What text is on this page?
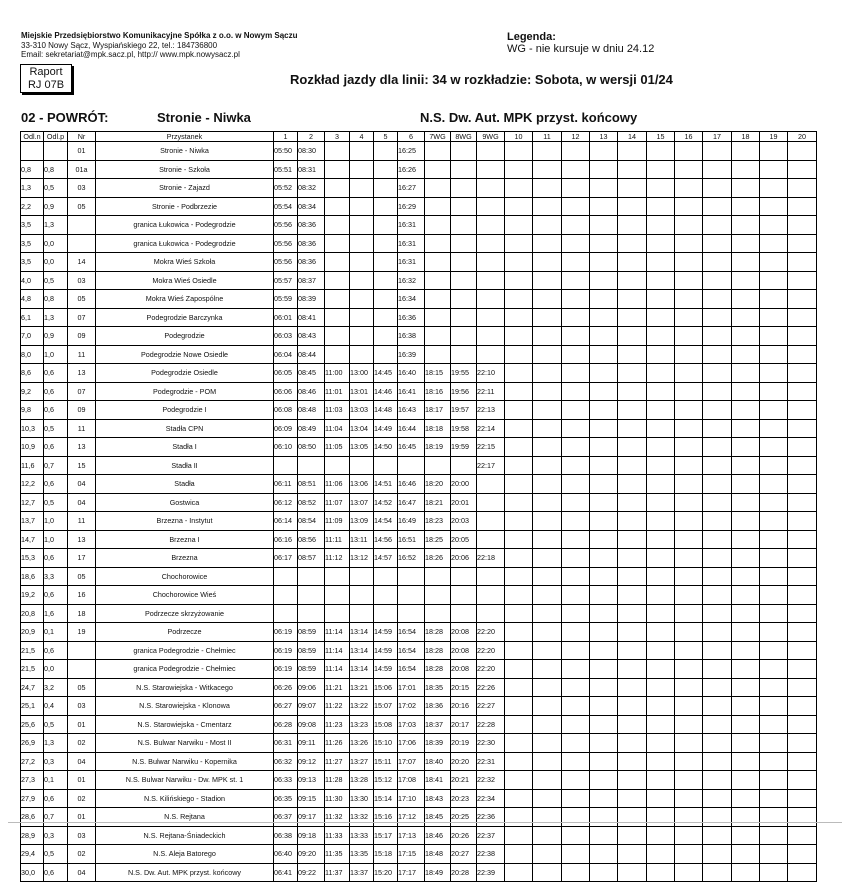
Miejskie Przedsiębiorstwo Komunikacyjne Spółka z o.o. w Nowym Sączu
33-310 Nowy Sącz, Wyspiańskiego 22, tel.: 184736800
Email: sekretariat@mpk.sacz.pl, http:// www.mpk.nowysacz.pl
Legenda:
WG - nie kursuje w dniu 24.12
Raport
RJ 07B	Rozkład jazdy dla linii: 34 w rozkładzie: Sobota, w wersji 01/24
02 - POWRÓT:	Stronie - Niwka	N.S. Dw. Aut. MPK przyst. końcowy
Odl.n	Odl.p	Nr	Przystanek	1	2	3	4	5	6	7WG	8WG	9WG	10	11	12	13	14	15	16	17	18	19	20
		01	Stronie - Niwka	05:50	08:30				16:25														
0,8	0,8	01a	Stronie - Szkoła	05:51	08:31				16:26														
1,3	0,5	03	Stronie - Zajazd	05:52	08:32				16:27														
2,2	0,9	05	Stronie - Podbrzezie	05:54	08:34				16:29														
3,5	1,3		granica Łukowica - Podegrodzie	05:56	08:36				16:31														
3,5	0,0		granica Łukowica - Podegrodzie	05:56	08:36				16:31														
3,5	0,0	14	Mokra Wieś Szkoła	05:56	08:36				16:31														
4,0	0,5	03	Mokra Wieś Osiedle	05:57	08:37				16:32														
4,8	0,8	05	Mokra Wieś Zapospólne	05:59	08:39				16:34														
6,1	1,3	07	Podegrodzie Barczynka	06:01	08:41				16:36														
7,0	0,9	09	Podegrodzie	06:03	08:43				16:38														
8,0	1,0	11	Podegrodzie Nowe Osiedle	06:04	08:44				16:39														
8,6	0,6	13	Podegrodzie Osiedle	06:05	08:45	11:00	13:00	14:45	16:40	18:15	19:55	22:10											
9,2	0,6	07	Podegrodzie - POM	06:06	08:46	11:01	13:01	14:46	16:41	18:16	19:56	22:11											
9,8	0,6	09	Podegrodzie I	06:08	08:48	11:03	13:03	14:48	16:43	18:17	19:57	22:13											
10,3	0,5	11	Stadła CPN	06:09	08:49	11:04	13:04	14:49	16:44	18:18	19:58	22:14											
10,9	0,6	13	Stadła I	06:10	08:50	11:05	13:05	14:50	16:45	18:19	19:59	22:15											
11,6	0,7	15	Stadła II									22:17											
12,2	0,6	04	Stadła	06:11	08:51	11:06	13:06	14:51	16:46	18:20	20:00												
12,7	0,5	04	Gostwica	06:12	08:52	11:07	13:07	14:52	16:47	18:21	20:01												
13,7	1,0	11	Brzezna - Instytut	06:14	08:54	11:09	13:09	14:54	16:49	18:23	20:03												
14,7	1,0	13	Brzezna I	06:16	08:56	11:11	13:11	14:56	16:51	18:25	20:05												
15,3	0,6	17	Brzezna	06:17	08:57	11:12	13:12	14:57	16:52	18:26	20:06	22:18											
18,6	3,3	05	Chochorowice																				
19,2	0,6	16	Chochorowice Wieś																				
20,8	1,6	18	Podrzecze skrzyżowanie																				
20,9	0,1	19	Podrzecze	06:19	08:59	11:14	13:14	14:59	16:54	18:28	20:08	22:20											
21,5	0,6		granica Podegrodzie - Chełmiec	06:19	08:59	11:14	13:14	14:59	16:54	18:28	20:08	22:20											
21,5	0,0		granica Podegrodzie - Chełmiec	06:19	08:59	11:14	13:14	14:59	16:54	18:28	20:08	22:20											
24,7	3,2	05	N.S. Starowiejska - Witkacego	06:26	09:06	11:21	13:21	15:06	17:01	18:35	20:15	22:26											
25,1	0,4	03	N.S. Starowiejska - Klonowa	06:27	09:07	11:22	13:22	15:07	17:02	18:36	20:16	22:27											
25,6	0,5	01	N.S. Starowiejska - Cmentarz	06:28	09:08	11:23	13:23	15:08	17:03	18:37	20:17	22:28											
26,9	1,3	02	N.S. Bulwar Narwiku - Most II	06:31	09:11	11:26	13:26	15:10	17:06	18:39	20:19	22:30											
27,2	0,3	04	N.S. Bulwar Narwiku - Kopernika	06:32	09:12	11:27	13:27	15:11	17:07	18:40	20:20	22:31											
27,3	0,1	01	N.S. Bulwar Narwiku - Dw. MPK st. 1	06:33	09:13	11:28	13:28	15:12	17:08	18:41	20:21	22:32											
27,9	0,6	02	N.S. Kilińskiego - Stadion	06:35	09:15	11:30	13:30	15:14	17:10	18:43	20:23	22:34											
28,6	0,7	01	N.S. Rejtana	06:37	09:17	11:32	13:32	15:16	17:12	18:45	20:25	22:36											
28,9	0,3	03	N.S. Rejtana-Śniadeckich	06:38	09:18	11:33	13:33	15:17	17:13	18:46	20:26	22:37											
29,4	0,5	02	N.S. Aleja Batorego	06:40	09:20	11:35	13:35	15:18	17:15	18:48	20:27	22:38											
30,0	0,6	04	N.S. Dw. Aut. MPK przyst. końcowy	06:41	09:22	11:37	13:37	15:20	17:17	18:49	20:28	22:39											
